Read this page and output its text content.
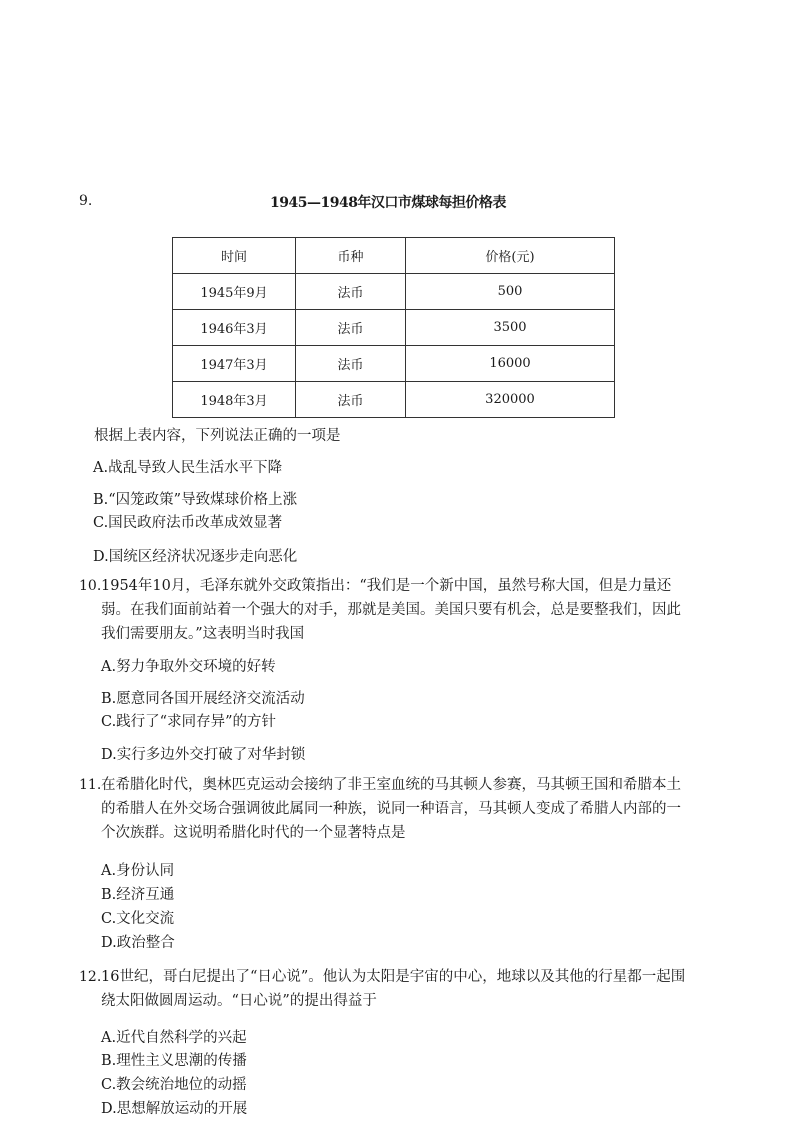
9.	1945—1948年汉口市煤球每担价格表
时间	币种	价格(元)
1945年9月	法币	500
1946年3月	法币	3500
1947年3月	法币	16000
1948年3月	法币	320000
根据上表内容，下列说法正确的一项是
A.战乱导致人民生活水平下降
B.“囚笼政策”导致煤球价格上涨
C.国民政府法币改革成效显著
D.国统区经济状况逐步走向恶化
10. 1954年10月，毛泽东就外交政策指出：“我们是一个新中国，虽然号称大国，但是力量还弱。在我们面前站着一个强大的对手，那就是美国。美国只要有机会，总是要整我们，因此我们需要朋友。”这表明当时我国
A.努力争取外交环境的好转
B.愿意同各国开展经济交流活动
C.践行了“求同存异”的方针
D.实行多边外交打破了对华封锁
11. 在希腊化时代，奥林匹克运动会接纳了非王室血统的马其顿人参赛，马其顿王国和希腊本土的希腊人在外交场合强调彼此属同一种族，说同一种语言，马其顿人变成了希腊人内部的一个次族群。这说明希腊化时代的一个显著特点是
A.身份认同
B.经济互通
C.文化交流
D.政治整合
12. 16世纪，哥白尼提出了“日心说”。他认为太阳是宇宙的中心，地球以及其他的行星都一起围绕太阳做圆周运动。“日心说”的提出得益于
A.近代自然科学的兴起
B.理性主义思潮的传播
C.教会统治地位的动摇
D.思想解放运动的开展
